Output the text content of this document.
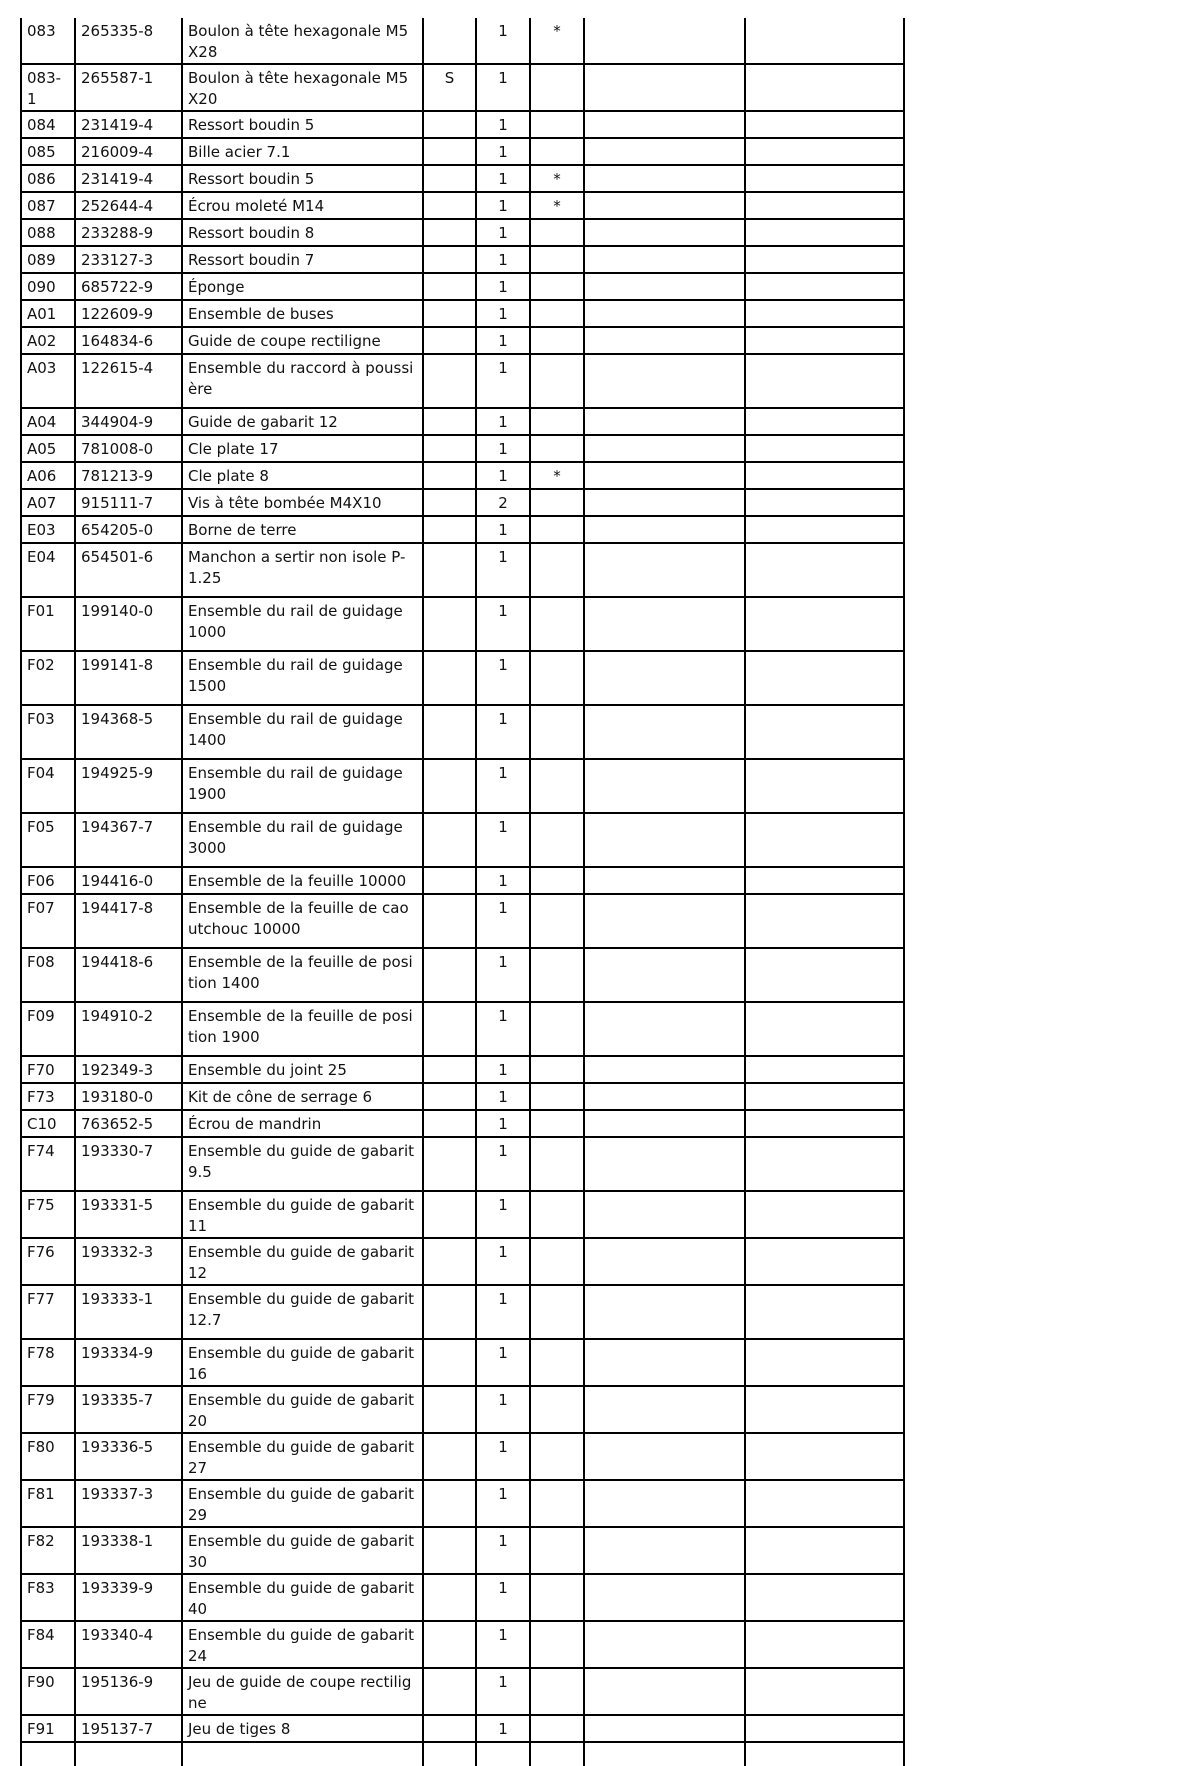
083	265335-8	Boulon à tête hexagonale M5X28		1	*		
083-1	265587-1	Boulon à tête hexagonale M5X20	S	1			
084	231419-4	Ressort boudin 5		1			
085	216009-4	Bille acier 7.1		1			
086	231419-4	Ressort boudin 5		1	*		
087	252644-4	Écrou moleté M14		1	*		
088	233288-9	Ressort boudin 8		1			
089	233127-3	Ressort boudin 7		1			
090	685722-9	Éponge		1			
A01	122609-9	Ensemble de buses		1			
A02	164834-6	Guide de coupe rectiligne		1			
A03	122615-4	Ensemble du raccord à poussière		1			
A04	344904-9	Guide de gabarit 12		1			
A05	781008-0	Cle plate 17		1			
A06	781213-9	Cle plate 8		1	*		
A07	915111-7	Vis à tête bombée M4X10		2			
E03	654205-0	Borne de terre		1			
E04	654501-6	Manchon a sertir non isole P-1.25		1			
F01	199140-0	Ensemble du rail de guidage 1000		1			
F02	199141-8	Ensemble du rail de guidage 1500		1			
F03	194368-5	Ensemble du rail de guidage 1400		1			
F04	194925-9	Ensemble du rail de guidage 1900		1			
F05	194367-7	Ensemble du rail de guidage 3000		1			
F06	194416-0	Ensemble de la feuille 10000		1			
F07	194417-8	Ensemble de la feuille de caoutchouc 10000		1			
F08	194418-6	Ensemble de la feuille de position 1400		1			
F09	194910-2	Ensemble de la feuille de position 1900		1			
F70	192349-3	Ensemble du joint 25		1			
F73	193180-0	Kit de cône de serrage 6		1			
C10	763652-5	Écrou de mandrin		1			
F74	193330-7	Ensemble du guide de gabarit 9.5		1			
F75	193331-5	Ensemble du guide de gabarit 11		1			
F76	193332-3	Ensemble du guide de gabarit 12		1			
F77	193333-1	Ensemble du guide de gabarit 12.7		1			
F78	193334-9	Ensemble du guide de gabarit 16		1			
F79	193335-7	Ensemble du guide de gabarit 20		1			
F80	193336-5	Ensemble du guide de gabarit 27		1			
F81	193337-3	Ensemble du guide de gabarit 29		1			
F82	193338-1	Ensemble du guide de gabarit 30		1			
F83	193339-9	Ensemble du guide de gabarit 40		1			
F84	193340-4	Ensemble du guide de gabarit 24		1			
F90	195136-9	Jeu de guide de coupe rectiligne		1			
F91	195137-7	Jeu de tiges 8		1			
